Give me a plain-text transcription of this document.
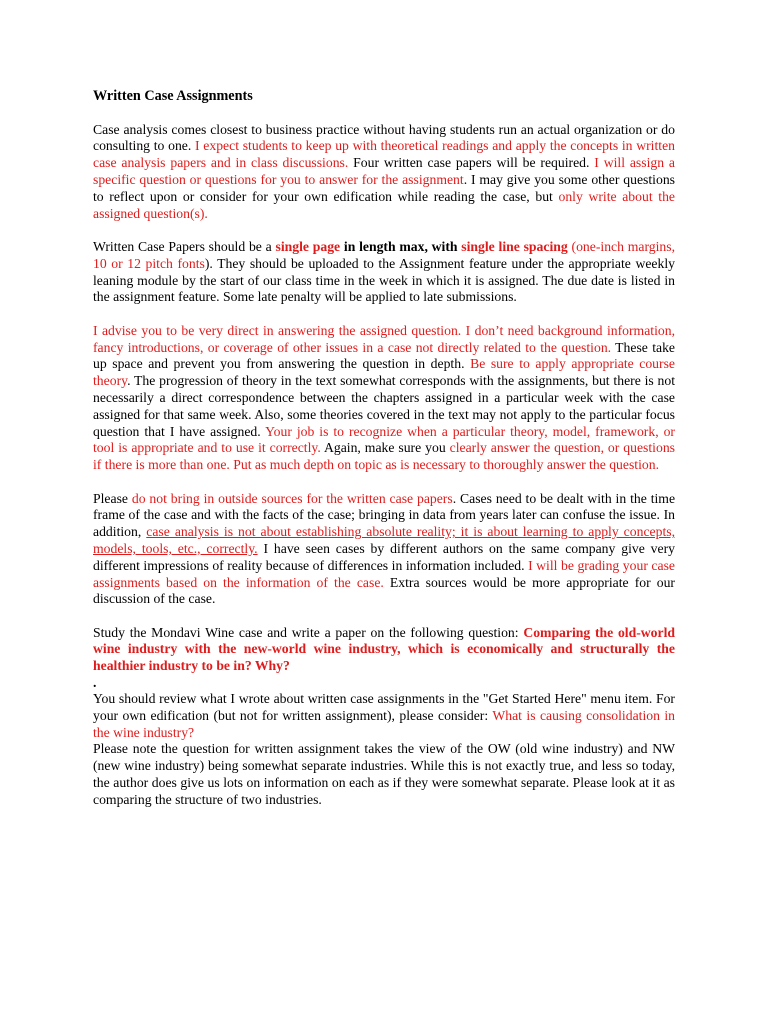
Written Case Assignments
Case analysis comes closest to business practice without having students run an actual organization or do consulting to one. I expect students to keep up with theoretical readings and apply the concepts in written case analysis papers and in class discussions. Four written case papers will be required. I will assign a specific question or questions for you to answer for the assignment. I may give you some other questions to reflect upon or consider for your own edification while reading the case, but only write about the assigned question(s).
Written Case Papers should be a single page in length max, with single line spacing (one-inch margins, 10 or 12 pitch fonts). They should be uploaded to the Assignment feature under the appropriate weekly leaning module by the start of our class time in the week in which it is assigned. The due date is listed in the assignment feature. Some late penalty will be applied to late submissions.
I advise you to be very direct in answering the assigned question. I don’t need background information, fancy introductions, or coverage of other issues in a case not directly related to the question. These take up space and prevent you from answering the question in depth. Be sure to apply appropriate course theory. The progression of theory in the text somewhat corresponds with the assignments, but there is not necessarily a direct correspondence between the chapters assigned in a particular week with the case assigned for that same week. Also, some theories covered in the text may not apply to the particular focus question that I have assigned. Your job is to recognize when a particular theory, model, framework, or tool is appropriate and to use it correctly. Again, make sure you clearly answer the question, or questions if there is more than one. Put as much depth on topic as is necessary to thoroughly answer the question.
Please do not bring in outside sources for the written case papers. Cases need to be dealt with in the time frame of the case and with the facts of the case; bringing in data from years later can confuse the issue. In addition, case analysis is not about establishing absolute reality; it is about learning to apply concepts, models, tools, etc., correctly. I have seen cases by different authors on the same company give very different impressions of reality because of differences in information included. I will be grading your case assignments based on the information of the case. Extra sources would be more appropriate for our discussion of the case.
Study the Mondavi Wine case and write a paper on the following question: Comparing the old-world wine industry with the new-world wine industry, which is economically and structurally the healthier industry to be in? Why?
.
You should review what I wrote about written case assignments in the "Get Started Here" menu item. For your own edification (but not for written assignment), please consider: What is causing consolidation in the wine industry?
Please note the question for written assignment takes the view of the OW (old wine industry) and NW (new wine industry) being somewhat separate industries. While this is not exactly true, and less so today, the author does give us lots on information on each as if they were somewhat separate. Please look at it as comparing the structure of two industries.
